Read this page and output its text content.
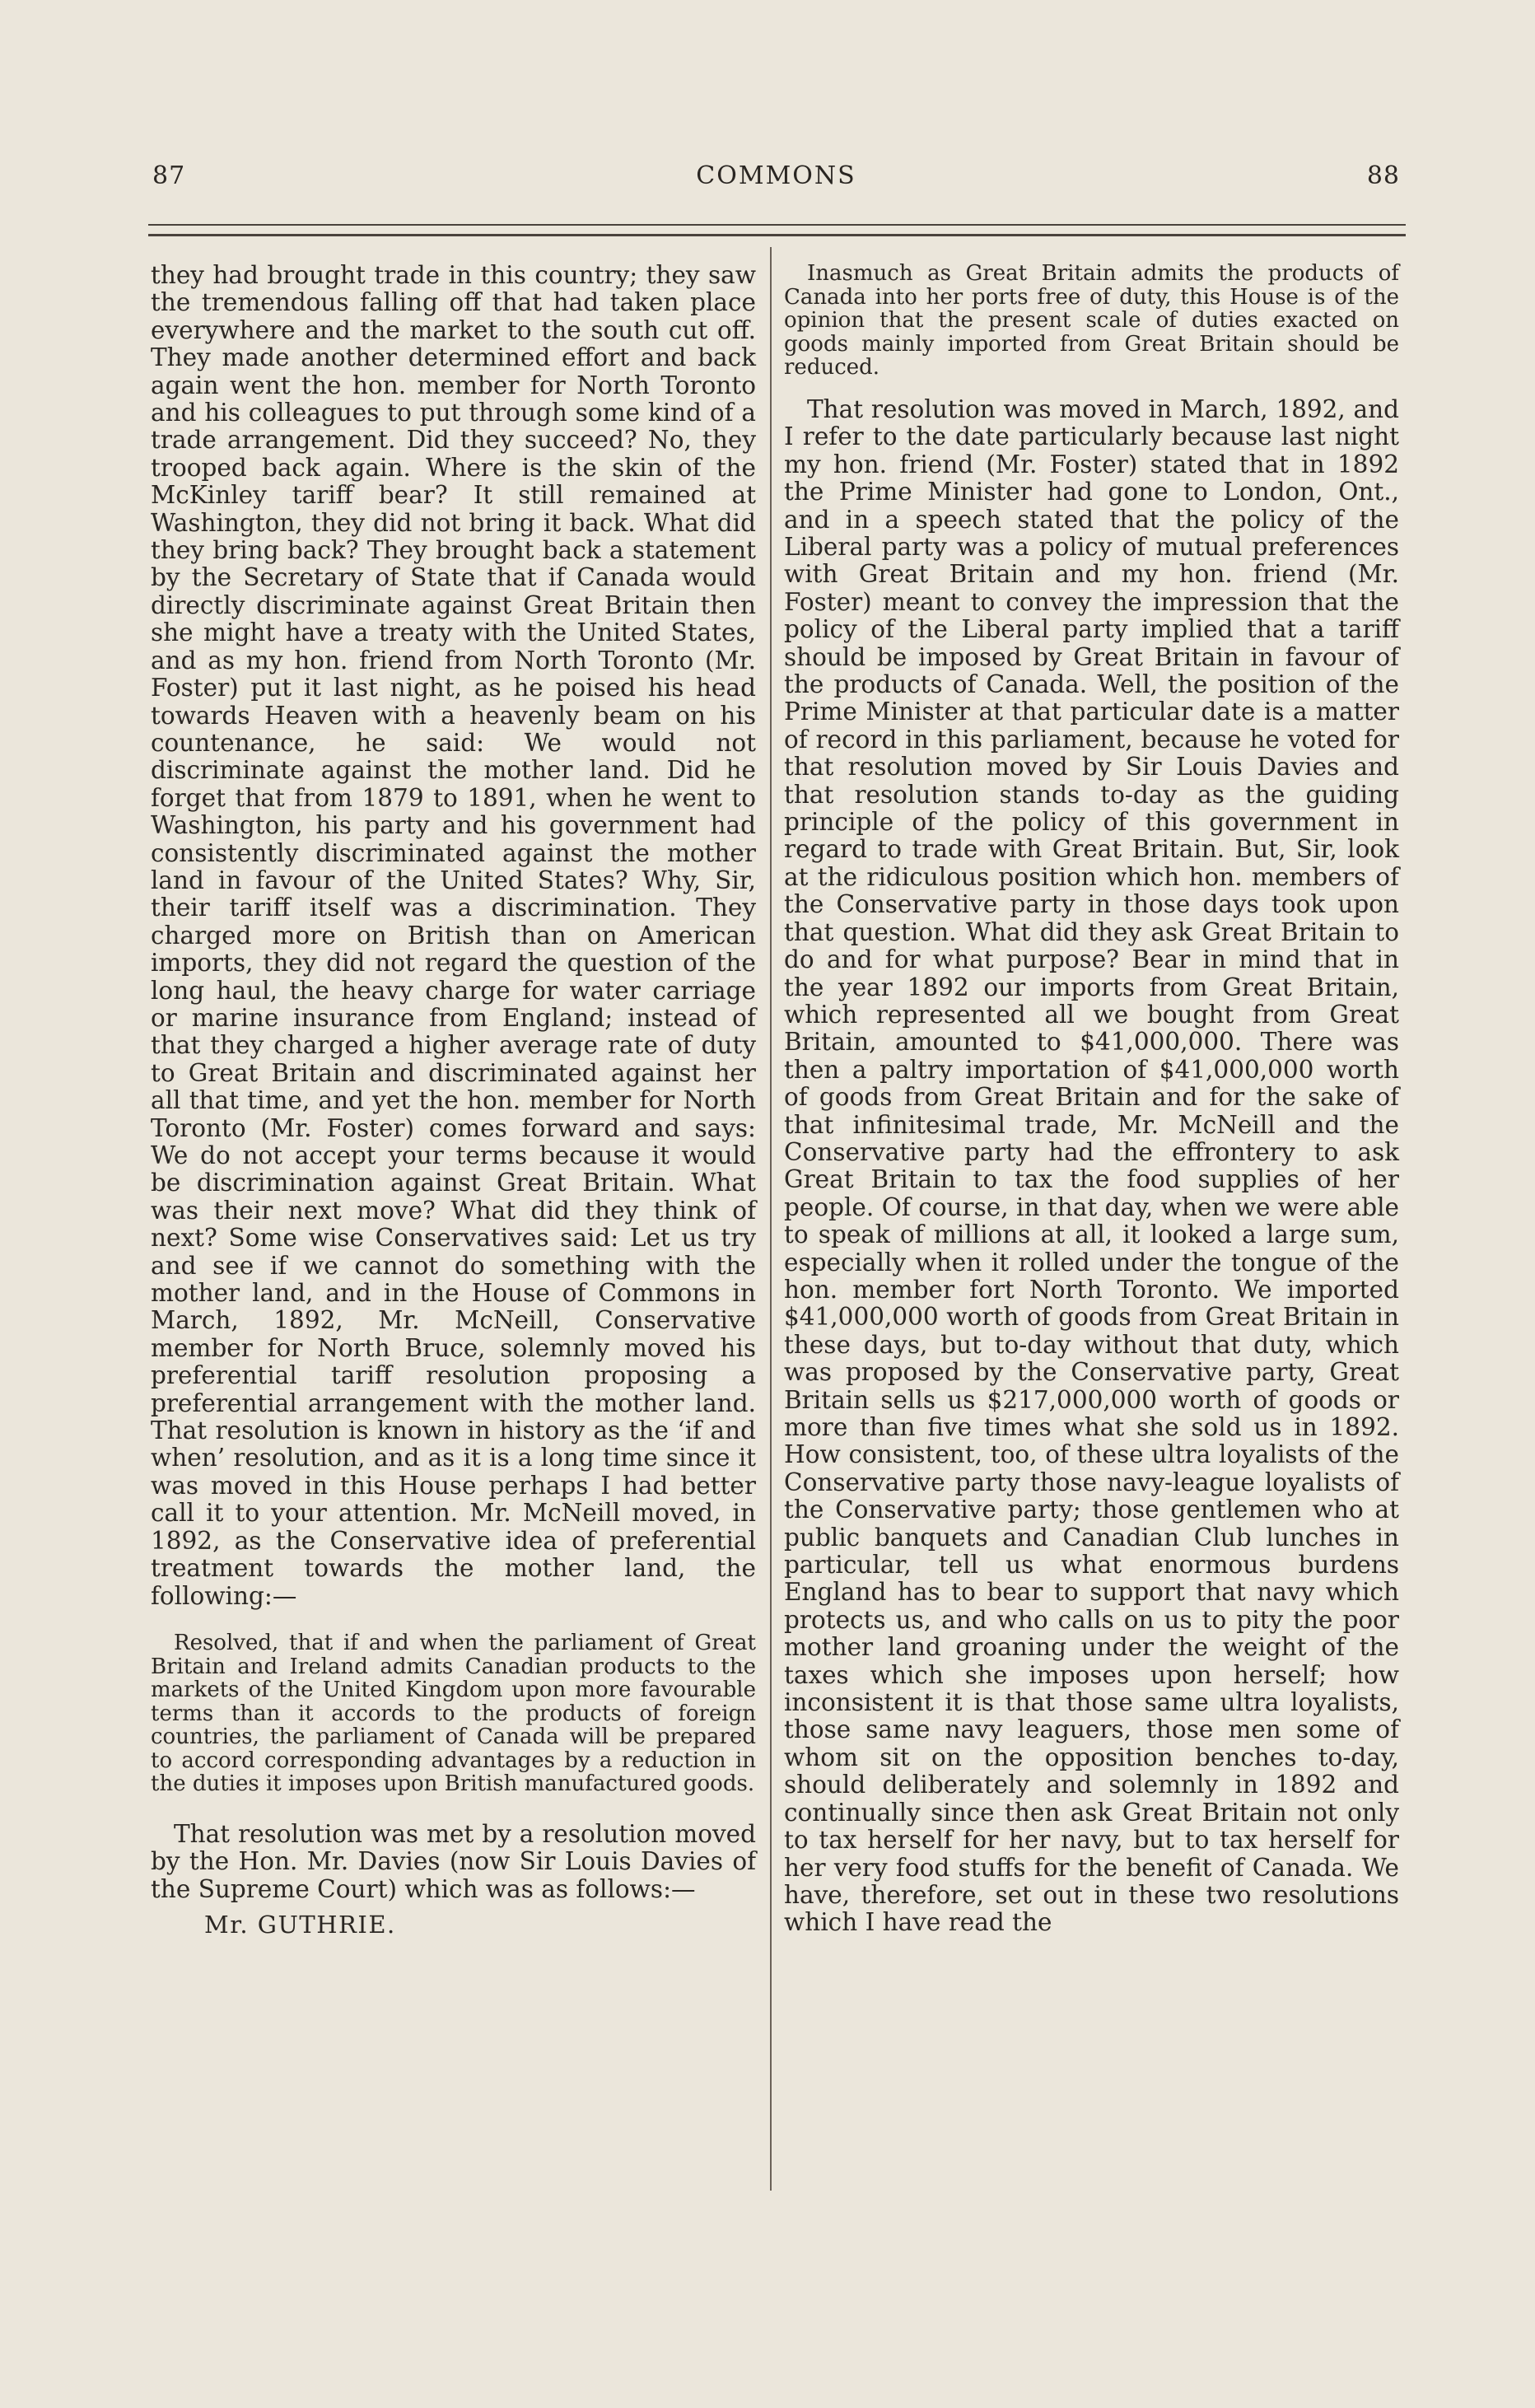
87	COMMONS	88

they had brought trade in this country; they saw the tremendous falling off that had taken place everywhere and the market to the south cut off. They made another determined effort and back again went the hon. member for North Toronto and his colleagues to put through some kind of a trade arrangement. Did they succeed? No, they trooped back again. Where is the skin of the McKinley tariff bear? It still remained at Washington, they did not bring it back. What did they bring back? They brought back a statement by the Secretary of State that if Canada would directly discriminate against Great Britain then she might have a treaty with the United States, and as my hon. friend from North Toronto (Mr. Foster) put it last night, as he poised his head towards Heaven with a heavenly beam on his countenance, he said: We would not discriminate against the mother land. Did he forget that from 1879 to 1891, when he went to Washington, his party and his government had consistently discriminated against the mother land in favour of the United States? Why, Sir, their tariff itself was a discrimination. They charged more on British than on American imports, they did not regard the question of the long haul, the heavy charge for water carriage or marine insurance from England; instead of that they charged a higher average rate of duty to Great Britain and discriminated against her all that time, and yet the hon. member for North Toronto (Mr. Foster) comes forward and says: We do not accept your terms because it would be discrimination against Great Britain. What was their next move? What did they think of next? Some wise Conservatives said: Let us try and see if we cannot do something with the mother land, and in the House of Commons in March, 1892, Mr. McNeill, Conservative member for North Bruce, solemnly moved his preferential tariff resolution proposing a preferential arrangement with the mother land. That resolution is known in history as the ‘if and when’ resolution, and as it is a long time since it was moved in this House perhaps I had better call it to your attention. Mr. McNeill moved, in 1892, as the Conservative idea of preferential treatment towards the mother land, the following:—

Resolved, that if and when the parliament of Great Britain and Ireland admits Canadian products to the markets of the United Kingdom upon more favourable terms than it accords to the products of foreign countries, the parliament of Canada will be prepared to accord corresponding advantages by a reduction in the duties it imposes upon British manufactured goods.

That resolution was met by a resolution moved by the Hon. Mr. Davies (now Sir Louis Davies of the Supreme Court) which was as follows:—

Mr. GUTHRIE.

Inasmuch as Great Britain admits the products of Canada into her ports free of duty, this House is of the opinion that the present scale of duties exacted on goods mainly imported from Great Britain should be reduced.

That resolution was moved in March, 1892, and I refer to the date particularly because last night my hon. friend (Mr. Foster) stated that in 1892 the Prime Minister had gone to London, Ont., and in a speech stated that the policy of the Liberal party was a policy of mutual preferences with Great Britain and my hon. friend (Mr. Foster) meant to convey the impression that the policy of the Liberal party implied that a tariff should be imposed by Great Britain in favour of the products of Canada. Well, the position of the Prime Minister at that particular date is a matter of record in this parliament, because he voted for that resolution moved by Sir Louis Davies and that resolution stands to-day as the guiding principle of the policy of this government in regard to trade with Great Britain. But, Sir, look at the ridiculous position which hon. members of the Conservative party in those days took upon that question. What did they ask Great Britain to do and for what purpose? Bear in mind that in the year 1892 our imports from Great Britain, which represented all we bought from Great Britain, amounted to $41,000,000. There was then a paltry importation of $41,000,000 worth of goods from Great Britain and for the sake of that infinitesimal trade, Mr. McNeill and the Conservative party had the effrontery to ask Great Britain to tax the food supplies of her people. Of course, in that day, when we were able to speak of millions at all, it looked a large sum, especially when it rolled under the tongue of the hon. member fort North Toronto. We imported $41,000,000 worth of goods from Great Britain in these days, but to-day without that duty, which was proposed by the Conservative party, Great Britain sells us $217,000,000 worth of goods or more than five times what she sold us in 1892. How consistent, too, of these ultra loyalists of the Conservative party those navy-league loyalists of the Conservative party; those gentlemen who at public banquets and Canadian Club lunches in particular, tell us what enormous burdens England has to bear to support that navy which protects us, and who calls on us to pity the poor mother land groaning under the weight of the taxes which she imposes upon herself; how inconsistent it is that those same ultra loyalists, those same navy leaguers, those men some of whom sit on the opposition benches to-day, should deliberately and solemnly in 1892 and continually since then ask Great Britain not only to tax herself for her navy, but to tax herself for her very food stuffs for the benefit of Canada. We have, therefore, set out in these two resolutions which I have read the
